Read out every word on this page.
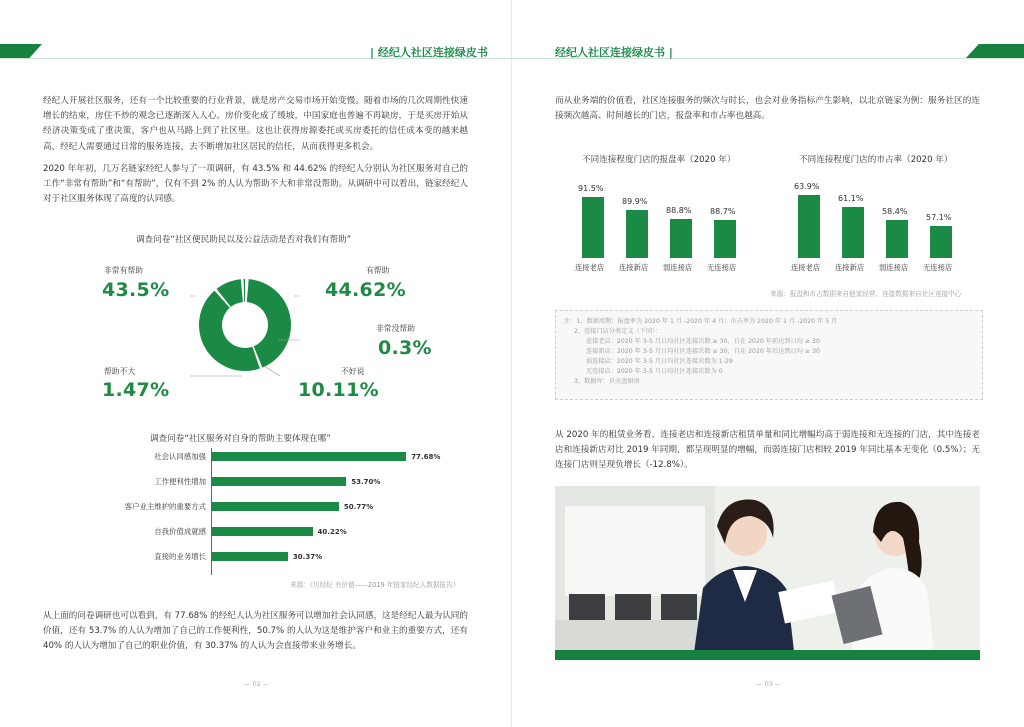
| 经纪人社区连接绿皮书
经纪人开展社区服务，还有一个比较重要的行业背景，就是房产交易市场开始变慢。随着市场的几次周期性快速增长的结束，房住不炒的观念已逐渐深入人心。房价变化成了缓坡，中国家庭也普遍不再缺房，于是买房开始从经济决策变成了重决策，客户也从马路上到了社区里。这也让获得房源委托或买房委托的信任成本变的越来越高，经纪人需要通过日常的服务连接，去不断增加社区居民的信任，从而获得更多机会。
2020 年年初，几万名链家经纪人参与了一项调研，有 43.5% 和 44.62% 的经纪人分别认为社区服务对自己的工作“非常有帮助”和“有帮助”，仅有不到 2% 的人认为帮助不大和非常没帮助。从调研中可以看出，链家经纪人对于社区服务体现了高度的认同感。
调查问卷“社区便民助民以及公益活动是否对我们有帮助”
非常有帮助
43.5%
有帮助
44.62%
非常没帮助
0.3%
不好说
10.11%
帮助不大
1.47%
调查问卷“社区服务对自身的帮助主要体现在哪”
社会认同感加强	77.68%
工作便利性增加	53.70%
客户业主维护的重要方式	50.77%
自我价值成就感	40.22%
直接的业务增长	30.37%
来源：《贝经纪 有价值——2019 年链家经纪人数据报告》
从上面的问卷调研也可以看到，有 77.68% 的经纪人认为社区服务可以增加社会认同感，这是经纪人最为认同的价值，还有 53.7% 的人认为增加了自己的工作便利性，50.7% 的人认为这是维护客户和业主的重要方式，还有 40% 的人认为增加了自己的职业价值，有 30.37% 的人认为会直接带来业务增长。
— 02 —
经纪人社区连接绿皮书 |
而从业务端的价值看，社区连接服务的频次与时长，也会对业务指标产生影响，以北京链家为例：服务社区的连接频次越高、时间越长的门店，报盘率和市占率也越高。
不同连接程度门店的报盘率（2020 年）	不同连接程度门店的市占率（2020 年）
91.5%
连接老店
89.9%
连接新店
88.8%
弱连接店
88.7%
无连接店
63.9%
连接老店
61.1%
连接新店
58.4%
弱连接店
57.1%
无连接店
来源：报盘和市占数据来自链家经营、连接数据来自社区连接中心
注：1、数据周期：报盘率为 2020 年 1 月 -2020 年 4 月；市占率为 2020 年 1 月 -2020 年 5 月
2、连接门店分类定义（下同）：
连接老店：2020 年 3-5 月日均社区连接次数 ≥ 30，且在 2020 年前达到日均 ≥ 30
连接新店：2020 年 3-5 月日均社区连接次数 ≥ 30，且在 2020 年后达到日均 ≥ 30
弱连接店：2020 年 3-5 月日均社区连接次数为 1-29
无连接店：2020 年 3-5 月日均社区连接次数为 0
3、数据库：贝壳盘厨房
从 2020 年的租赁业务看，连接老店和连接新店租赁单量和同比增幅均高于弱连接和无连接的门店，其中连接老店和连接新店对比 2019 年同期，都呈现明显的增幅，而弱连接门店相较 2019 年同比基本无变化（0.5%）；无连接门店则呈现负增长（-12.8%）。
— 03 —
